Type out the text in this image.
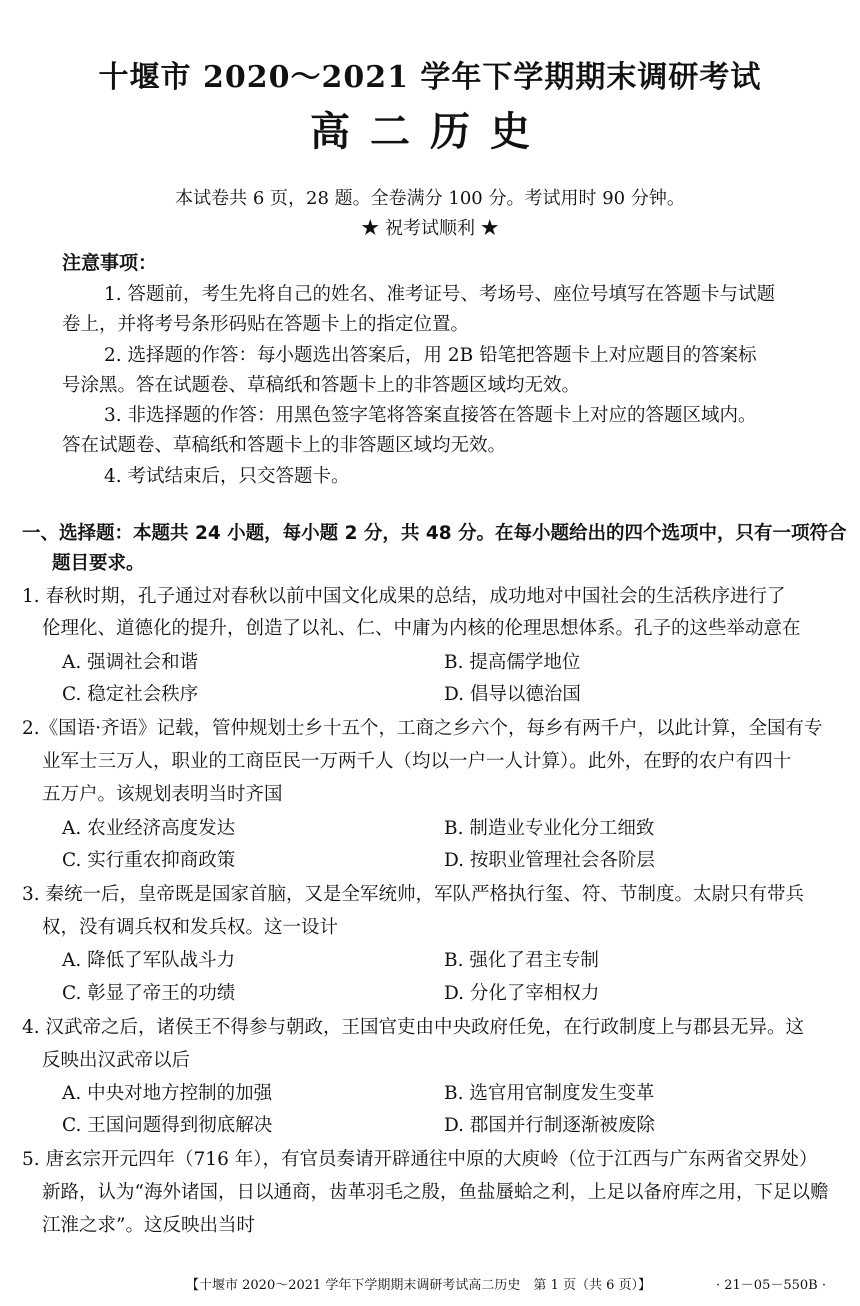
十堰市 2020～2021 学年下学期期末调研考试
高二历史
本试卷共 6 页，28 题。全卷满分 100 分。考试用时 90 分钟。
★ 祝考试顺利 ★
注意事项：
1. 答题前，考生先将自己的姓名、准考证号、考场号、座位号填写在答题卡与试题
卷上，并将考号条形码贴在答题卡上的指定位置。
2. 选择题的作答：每小题选出答案后，用 2B 铅笔把答题卡上对应题目的答案标
号涂黑。答在试题卷、草稿纸和答题卡上的非答题区域均无效。
3. 非选择题的作答：用黑色签字笔将答案直接答在答题卡上对应的答题区域内。
答在试题卷、草稿纸和答题卡上的非答题区域均无效。
4. 考试结束后，只交答题卡。
一、选择题：本题共 24 小题，每小题 2 分，共 48 分。在每小题给出的四个选项中，只有一项符合
题目要求。
1. 春秋时期，孔子通过对春秋以前中国文化成果的总结，成功地对中国社会的生活秩序进行了
伦理化、道德化的提升，创造了以礼、仁、中庸为内核的伦理思想体系。孔子的这些举动意在
A. 强调社会和谐	B. 提高儒学地位
C. 稳定社会秩序	D. 倡导以德治国
2.《国语·齐语》记载，管仲规划士乡十五个，工商之乡六个，每乡有两千户，以此计算，全国有专
业军士三万人，职业的工商臣民一万两千人（均以一户一人计算）。此外，在野的农户有四十
五万户。该规划表明当时齐国
A. 农业经济高度发达	B. 制造业专业化分工细致
C. 实行重农抑商政策	D. 按职业管理社会各阶层
3. 秦统一后，皇帝既是国家首脑，又是全军统帅，军队严格执行玺、符、节制度。太尉只有带兵
权，没有调兵权和发兵权。这一设计
A. 降低了军队战斗力	B. 强化了君主专制
C. 彰显了帝王的功绩	D. 分化了宰相权力
4. 汉武帝之后，诸侯王不得参与朝政，王国官吏由中央政府任免，在行政制度上与郡县无异。这
反映出汉武帝以后
A. 中央对地方控制的加强	B. 选官用官制度发生变革
C. 王国问题得到彻底解决	D. 郡国并行制逐渐被废除
5. 唐玄宗开元四年（716 年），有官员奏请开辟通往中原的大庾岭（位于江西与广东两省交界处）
新路，认为“海外诸国，日以通商，齿革羽毛之殷，鱼盐蜃蛤之利，上足以备府库之用，下足以赡
江淮之求”。这反映出当时
【十堰市 2020～2021 学年下学期期末调研考试高二历史　第 1 页（共 6 页）】	· 21－05－550B ·
